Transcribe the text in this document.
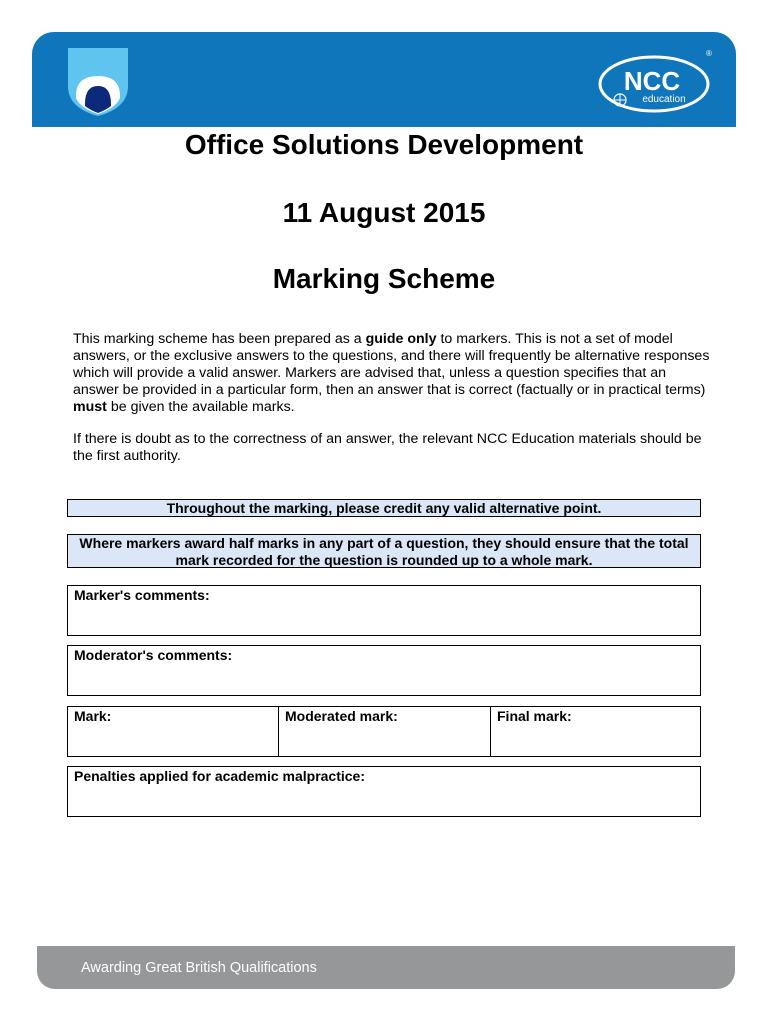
NCC
education
®
Office Solutions Development
11 August 2015
Marking Scheme

This marking scheme has been prepared as a guide only to markers. This is not a set of model answers, or the exclusive answers to the questions, and there will frequently be alternative responses which will provide a valid answer. Markers are advised that, unless a question specifies that an answer be provided in a particular form, then an answer that is correct (factually or in practical terms) must be given the available marks.

If there is doubt as to the correctness of an answer, the relevant NCC Education materials should be the first authority.

Throughout the marking, please credit any valid alternative point.
Where markers award half marks in any part of a question, they should ensure that the total mark recorded for the question is rounded up to a whole mark.
Marker's comments:
Moderator's comments:
Mark:	Moderated mark:	Final mark:
Penalties applied for academic malpractice:
Awarding Great British Qualifications
